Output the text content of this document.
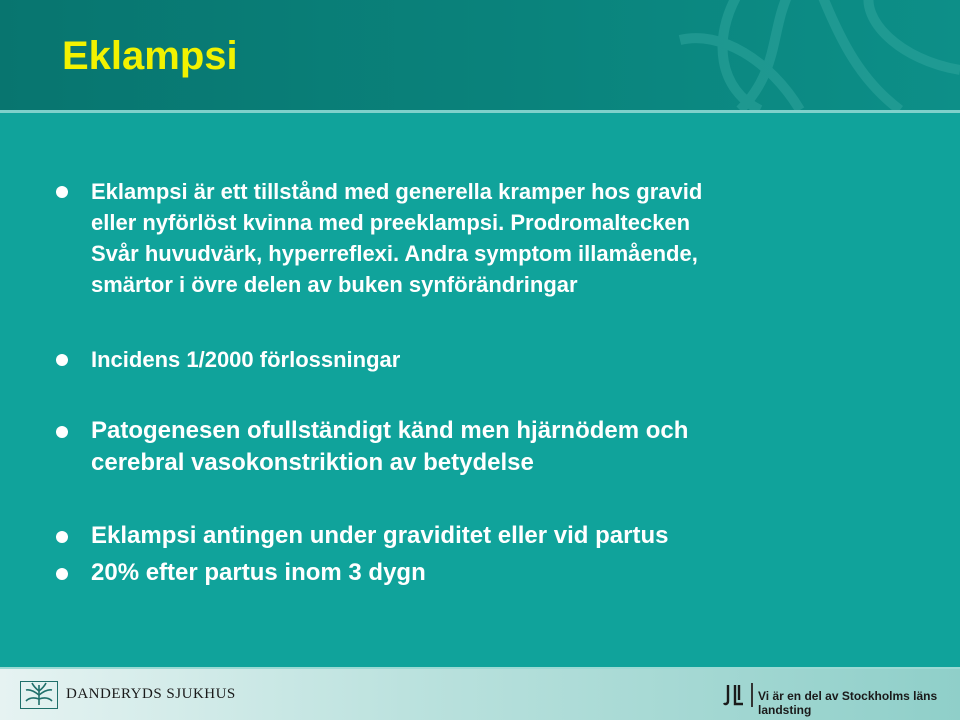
Eklampsi
Eklampsi är ett tillstånd med generella kramper hos gravid
eller nyförlöst kvinna med preeklampsi. Prodromaltecken
Svår huvudvärk, hyperreflexi. Andra symptom illamående,
smärtor i övre delen av buken synförändringar
Incidens 1/2000 förlossningar
Patogenesen ofullständigt känd men hjärnödem och
cerebral vasokonstriktion av betydelse
Eklampsi antingen under graviditet eller vid partus
20% efter partus inom 3 dygn
DANDERYDS SJUKHUS	Vi är en del av Stockholms läns landsting
